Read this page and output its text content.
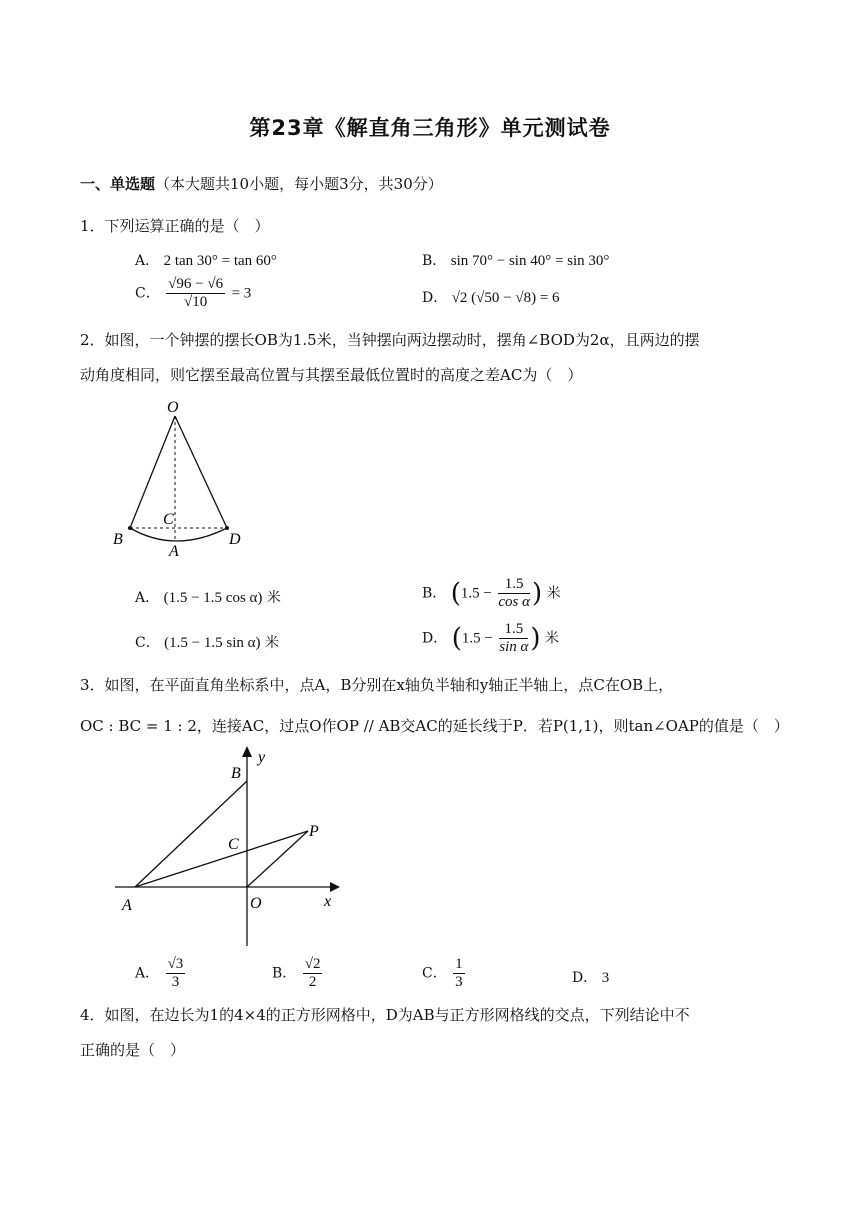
第23章《解直角三角形》单元测试卷
一、单选题（本大题共10小题，每小题3分，共30分）
1．下列运算正确的是（　）
A． 2 tan 30° = tan 60°	B． sin 70° − sin 40° = sin 30°
C． $\frac{√96 - √6}{√10} = 3$	D． √2 (√50 − √8) = 6
2．如图，一个钟摆的摆长OB为1.5米，当钟摆向两边摆动时，摆角∠BOD为2α，且两边的摆
动角度相同，则它摆至最高位置与其摆至最低位置时的高度之差AC为（　）
O
B
C
A
D
A． (1.5 − 1.5 cos α) 米	B． ($1.5 - \frac{1.5}{\text{cos α}}$ ) 米
C． (1.5 − 1.5 sin α) 米	D． ($1.5 - \frac{1.5}{\text{sin α}}$ ) 米
3．如图，在平面直角坐标系中，点A，B分别在x轴负半轴和y轴正半轴上，点C在OB上，
OC : BC = 1 : 2，连接AC，过点O作OP // AB交AC的延长线于P．若P(1,1)，则tan∠OAP的值是（　）
B
y
C
P
A	O	x
A． $\frac{√3}{3}$	B． $\frac{√2}{2}$	C． $\frac{1}{3}$	D． 3
4．如图，在边长为1的4×4的正方形网格中，D为AB与正方形网格线的交点，下列结论中不
正确的是（　）
